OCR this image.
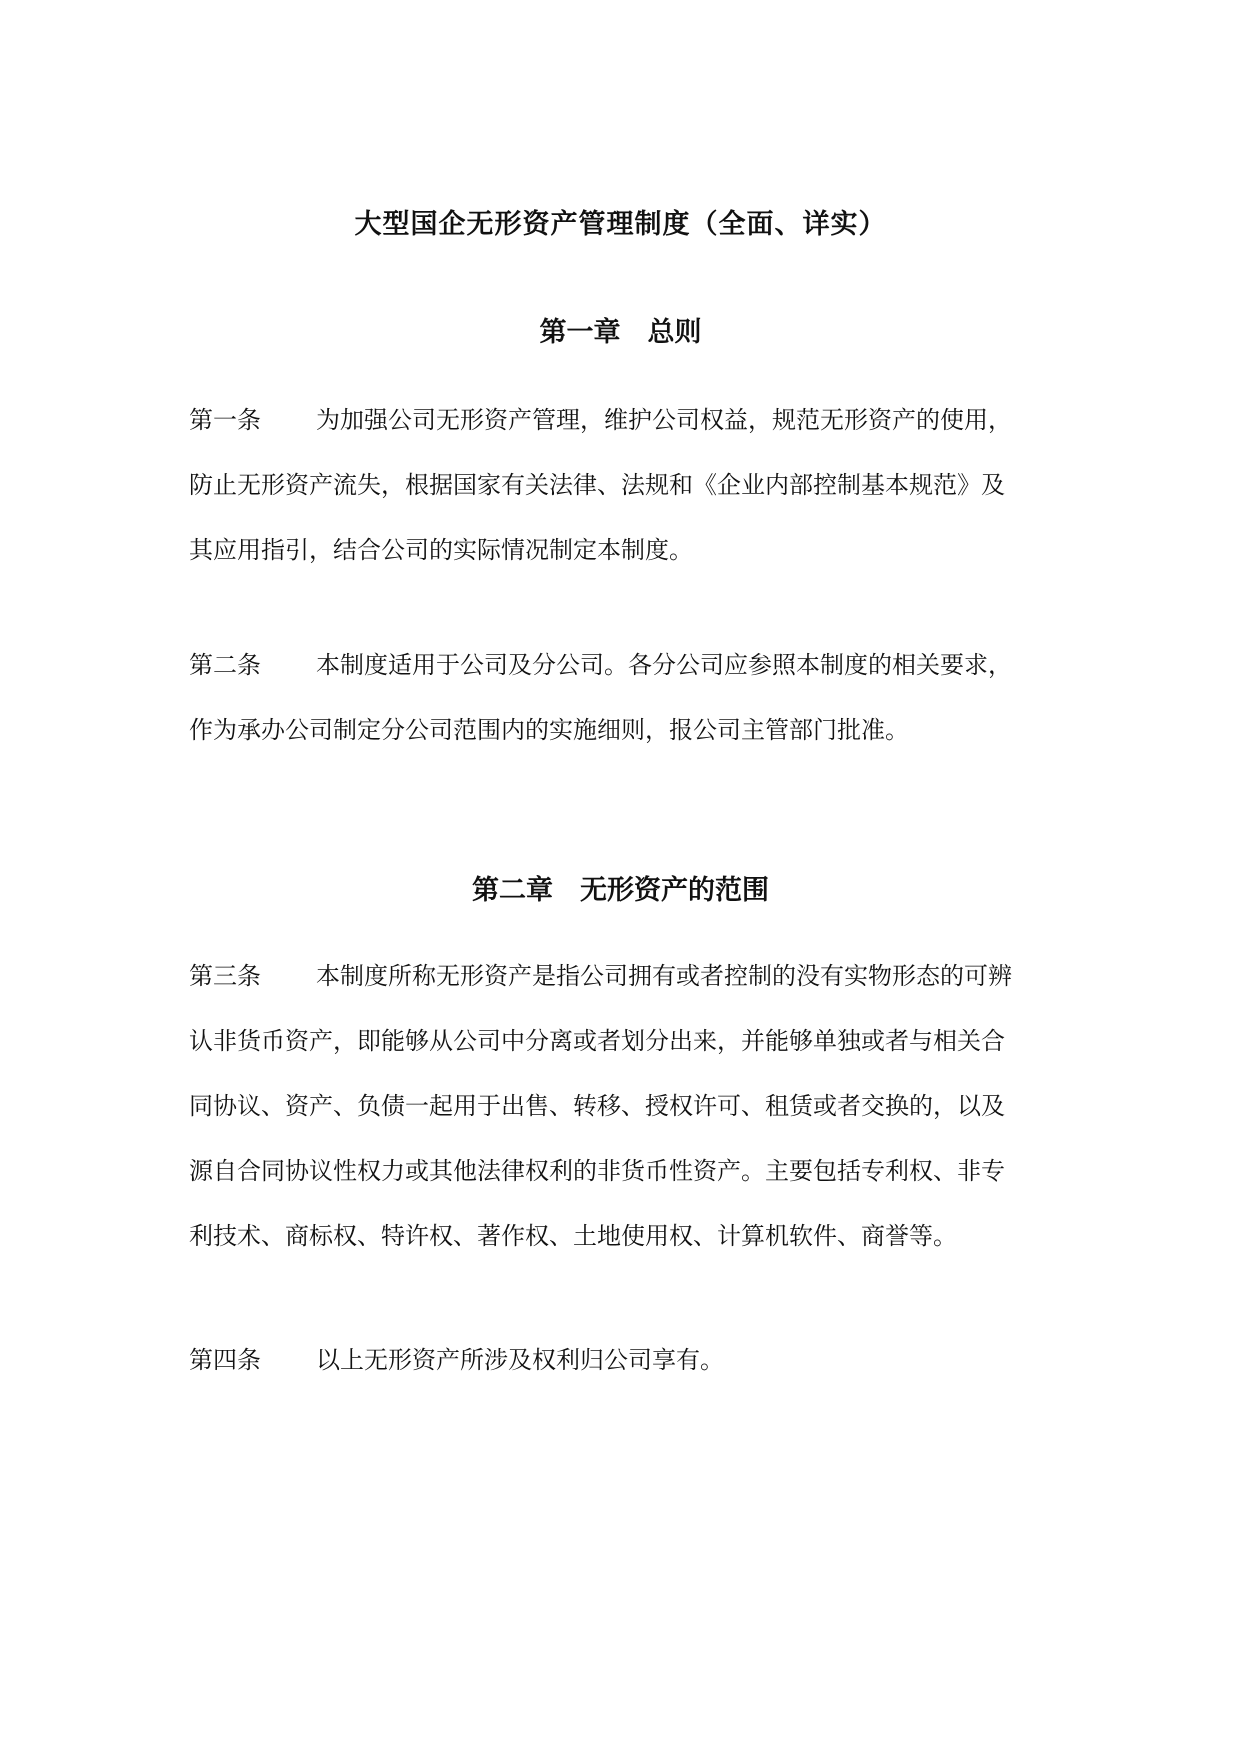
大型国企无形资产管理制度（全面、详实）
第一章　总则
第一条 为加强公司无形资产管理，维护公司权益，规范无形资产的使用，
防止无形资产流失，根据国家有关法律、法规和《企业内部控制基本规范》及
其应用指引，结合公司的实际情况制定本制度。
第二条 本制度适用于公司及分公司。各分公司应参照本制度的相关要求，
作为承办公司制定分公司范围内的实施细则，报公司主管部门批准。
第二章　无形资产的范围
第三条 本制度所称无形资产是指公司拥有或者控制的没有实物形态的可辨
认非货币资产，即能够从公司中分离或者划分出来，并能够单独或者与相关合
同协议、资产、负债一起用于出售、转移、授权许可、租赁或者交换的，以及
源自合同协议性权力或其他法律权利的非货币性资产。主要包括专利权、非专
利技术、商标权、特许权、著作权、土地使用权、计算机软件、商誉等。
第四条 以上无形资产所涉及权利归公司享有。
